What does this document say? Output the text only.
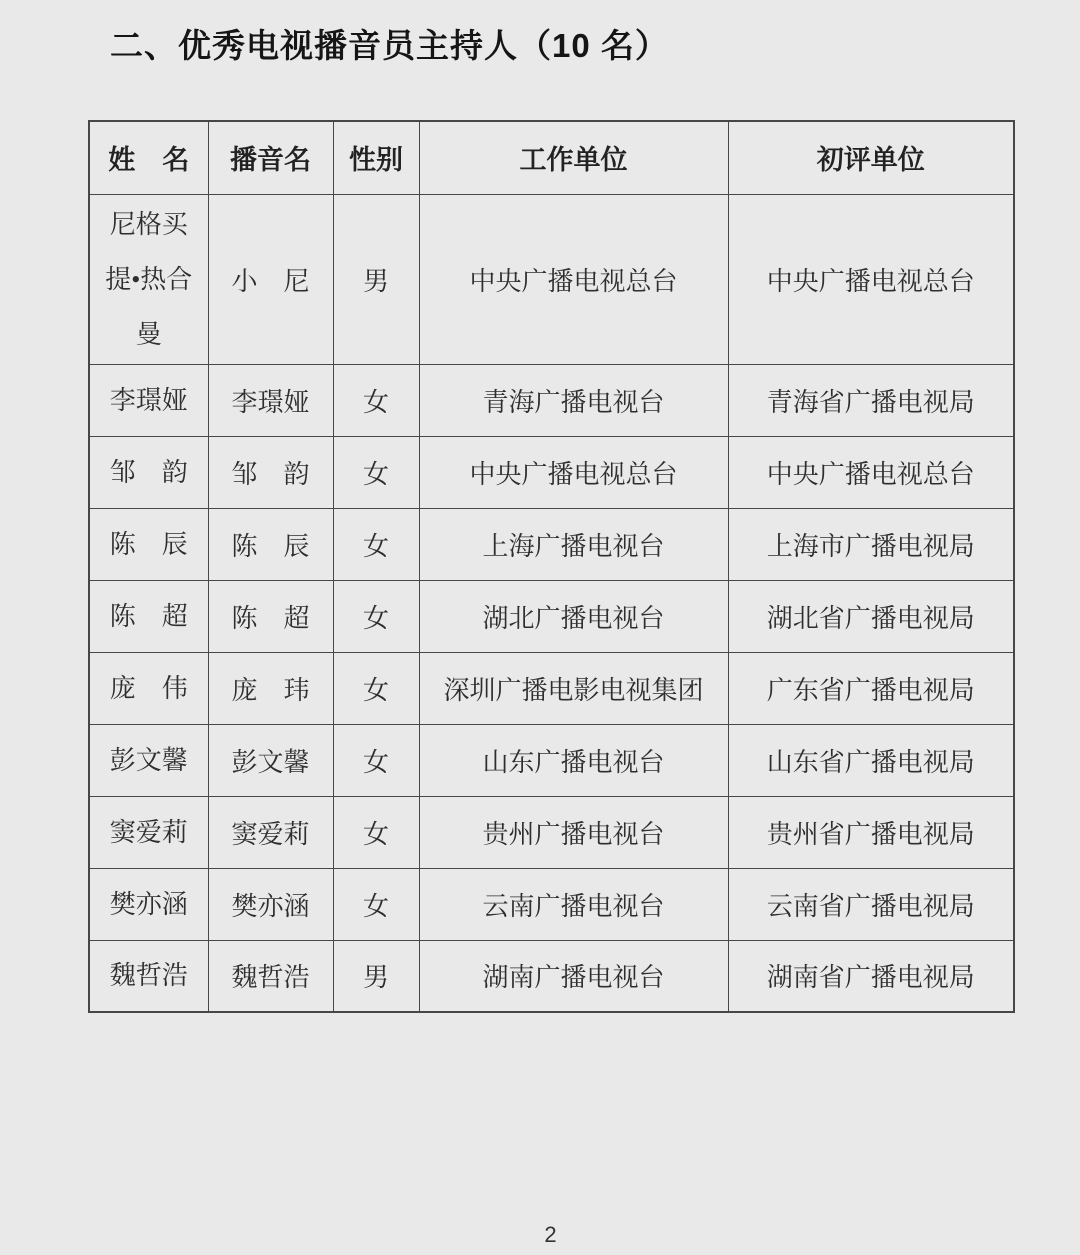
二、优秀电视播音员主持人（10 名）
姓　名	播音名	性别	工作单位	初评单位
尼格买提•热合曼	小　尼	男	中央广播电视总台	中央广播电视总台
李璟娅	李璟娅	女	青海广播电视台	青海省广播电视局
邹　韵	邹　韵	女	中央广播电视总台	中央广播电视总台
陈　辰	陈　辰	女	上海广播电视台	上海市广播电视局
陈　超	陈　超	女	湖北广播电视台	湖北省广播电视局
庞　伟	庞　玮	女	深圳广播电影电视集团	广东省广播电视局
彭文馨	彭文馨	女	山东广播电视台	山东省广播电视局
窦爱莉	窦爱莉	女	贵州广播电视台	贵州省广播电视局
樊亦涵	樊亦涵	女	云南广播电视台	云南省广播电视局
魏哲浩	魏哲浩	男	湖南广播电视台	湖南省广播电视局
2
